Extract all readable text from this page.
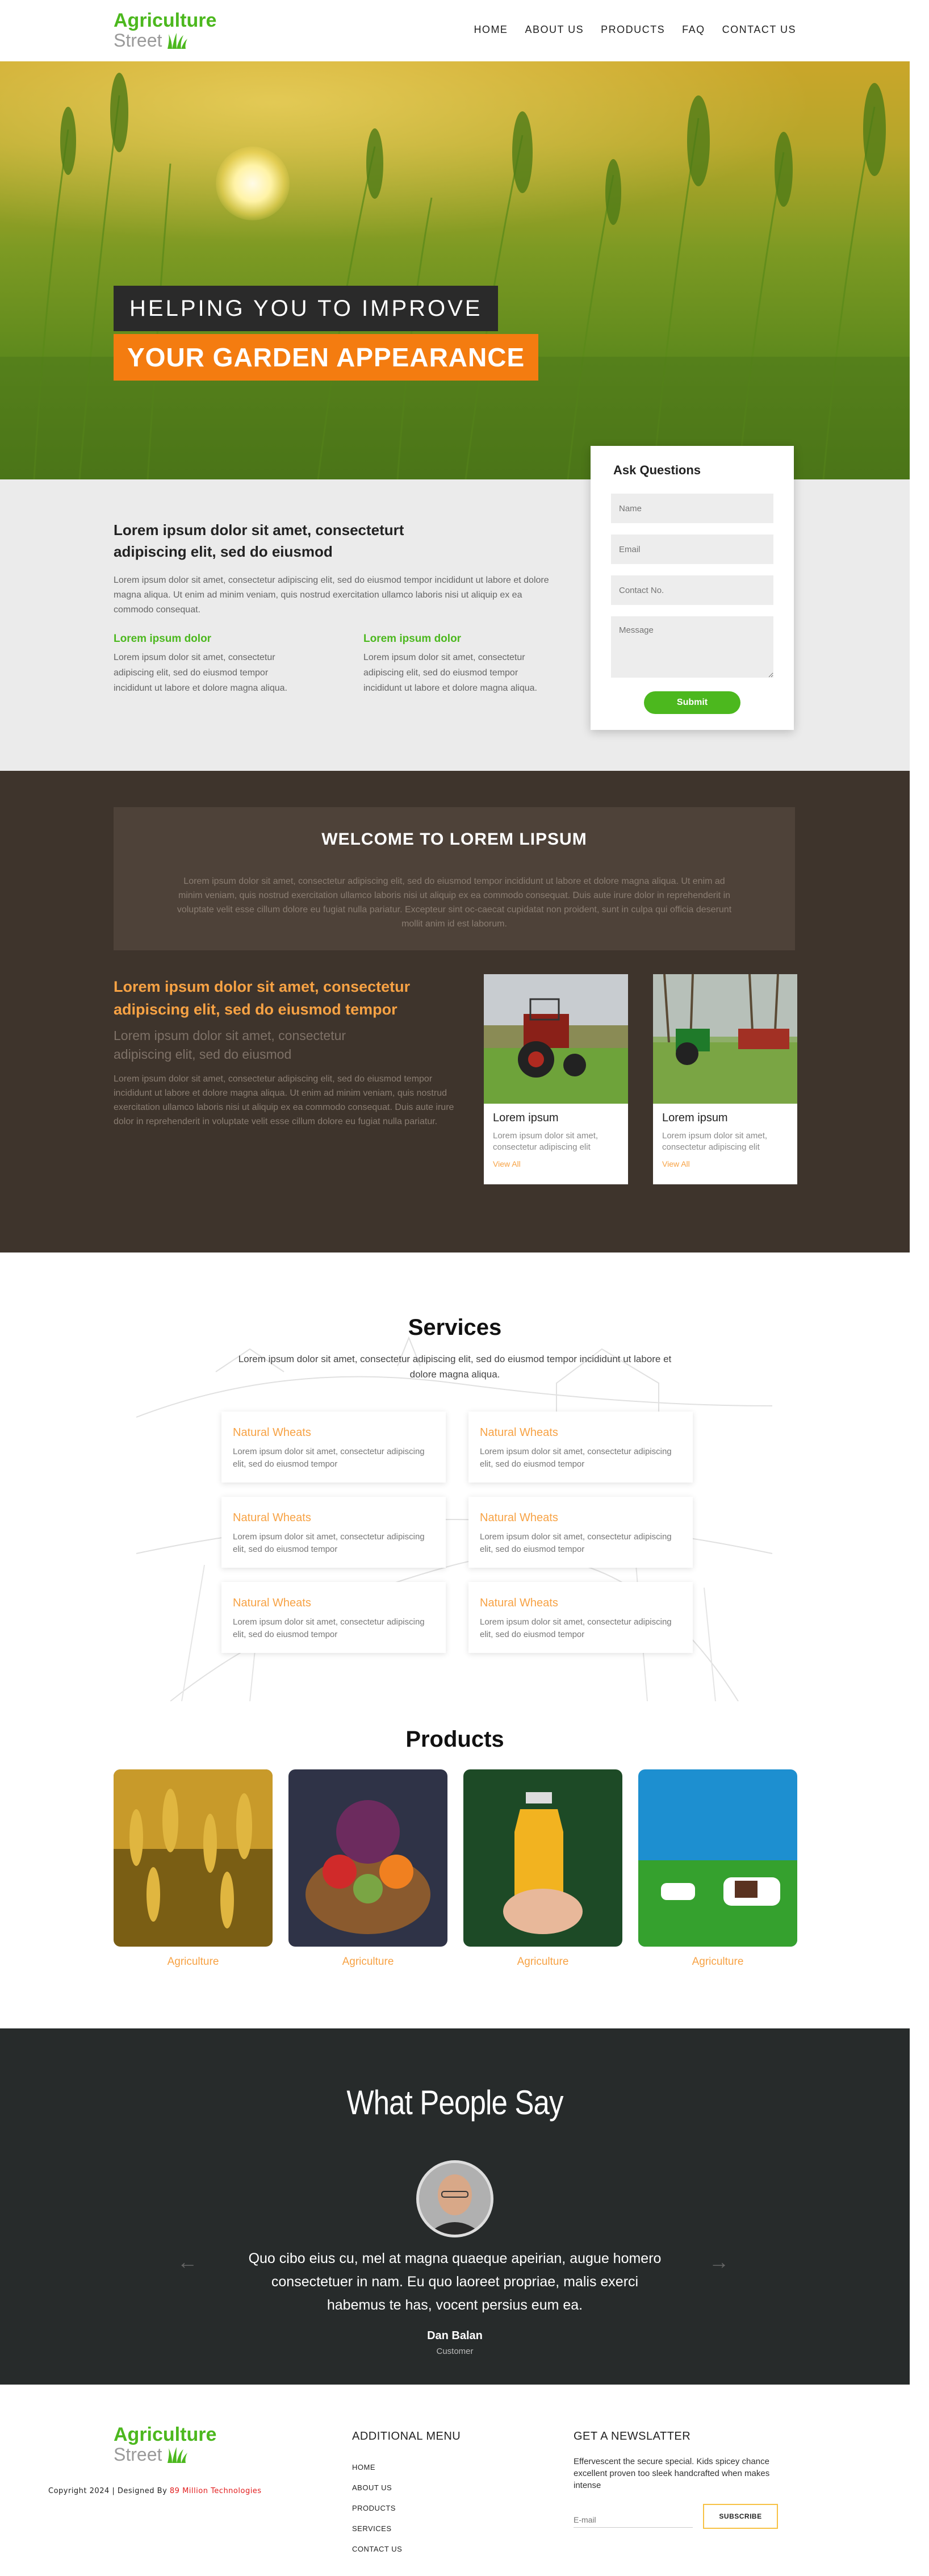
Agriculture
Street
HOME ABOUT US PRODUCTS FAQ CONTACT US
HELPING YOU TO IMPROVE
YOUR GARDEN APPEARANCE
Lorem ipsum dolor sit amet, consecteturt adipiscing elit, sed do eiusmod
Lorem ipsum dolor sit amet, consectetur adipiscing elit, sed do eiusmod tempor incididunt ut labore et dolore magna aliqua. Ut enim ad minim veniam, quis nostrud exercitation ullamco laboris nisi ut aliquip ex ea commodo consequat.
Lorem ipsum dolor
Lorem ipsum dolor sit amet, consectetur adipiscing elit, sed do eiusmod tempor incididunt ut labore et dolore magna aliqua.
Lorem ipsum dolor
Lorem ipsum dolor sit amet, consectetur adipiscing elit, sed do eiusmod tempor incididunt ut labore et dolore magna aliqua.
Ask Questions
Name
Email
Contact No.
Message
Submit
WELCOME TO LOREM LIPSUM

Lorem ipsum dolor sit amet, consectetur adipiscing elit, sed do eiusmod tempor incididunt ut labore et dolore magna aliqua. Ut enim ad minim veniam, quis nostrud exercitation ullamco laboris nisi ut aliquip ex ea commodo consequat. Duis aute irure dolor in reprehenderit in voluptate velit esse cillum dolore eu fugiat nulla pariatur. Excepteur sint oc-caecat cupidatat non proident, sunt in culpa qui officia deserunt mollit anim id est laborum.

Lorem ipsum dolor sit amet, consectetur adipiscing elit, sed do eiusmod tempor
Lorem ipsum dolor sit amet, consectetur adipiscing elit, sed do eiusmod
Lorem ipsum dolor sit amet, consectetur adipiscing elit, sed do eiusmod tempor incididunt ut labore et dolore magna aliqua. Ut enim ad minim veniam, quis nostrud exercitation ullamco laboris nisi ut aliquip ex ea commodo consequat. Duis aute irure dolor in reprehenderit in voluptate velit esse cillum dolore eu fugiat nulla pariatur.	Lorem ipsum

Lorem ipsum dolor sit amet, consectetur adipiscing elit

View All
Lorem ipsum

Lorem ipsum dolor sit amet, consectetur adipiscing elit

View All
Services
Lorem ipsum dolor sit amet, consectetur adipiscing elit, sed do eiusmod tempor incididunt ut labore et dolore magna aliqua.
Natural Wheats

Lorem ipsum dolor sit amet, consectetur adipiscing elit, sed do eiusmod tempor

Natural Wheats

Lorem ipsum dolor sit amet, consectetur adipiscing elit, sed do eiusmod tempor

Natural Wheats

Lorem ipsum dolor sit amet, consectetur adipiscing elit, sed do eiusmod tempor

Natural Wheats

Lorem ipsum dolor sit amet, consectetur adipiscing elit, sed do eiusmod tempor

Natural Wheats

Lorem ipsum dolor sit amet, consectetur adipiscing elit, sed do eiusmod tempor

Natural Wheats

Lorem ipsum dolor sit amet, consectetur adipiscing elit, sed do eiusmod tempor

Products
Agriculture	Agriculture	Agriculture	Agriculture
What People Say
←	→
Quo cibo eius cu, mel at magna quaeque apeirian, augue homero consectetuer in nam. Eu quo laoreet propriae, malis exerci habemus te has, vocent persius eum ea.
Dan Balan
Customer
Agriculture
Street
Copyright 2024 | Designed By 89 Million Technologies
ADDITIONAL MENU
HOME
ABOUT US
PRODUCTS
SERVICES
CONTACT US
GET A NEWSLATTER
Effervescent the secure special. Kids spicey chance excellent proven too sleek handcrafted when makes intense
E-mail
SUBSCRIBE
